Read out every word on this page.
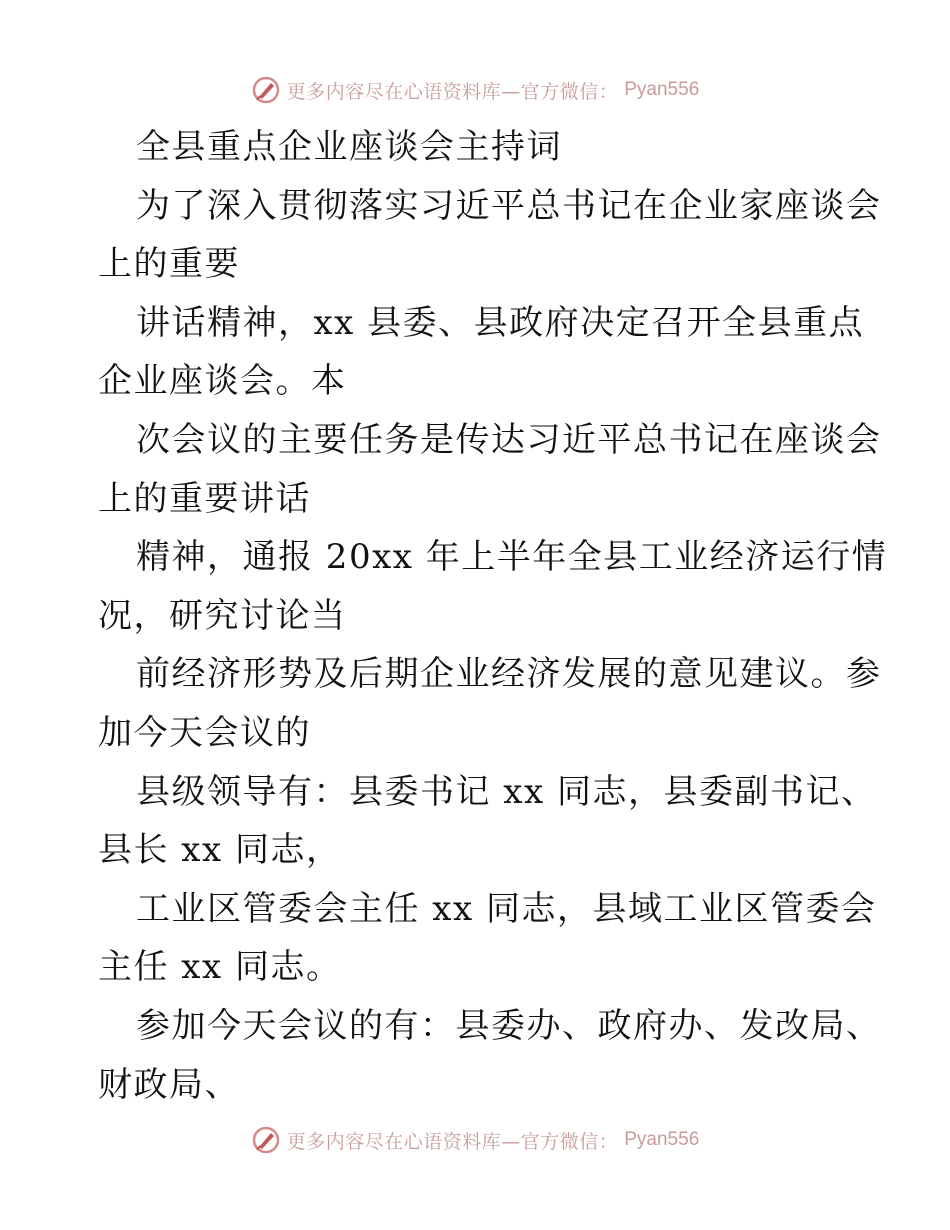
更多内容尽在心语资料库—官方微信： Pyan556
全县重点企业座谈会主持词
为了深入贯彻落实习近平总书记在企业家座谈会
上的重要
讲话精神，xx 县委、县政府决定召开全县重点
企业座谈会。本
次会议的主要任务是传达习近平总书记在座谈会
上的重要讲话
精神，通报 20xx 年上半年全县工业经济运行情
况，研究讨论当
前经济形势及后期企业经济发展的意见建议。参
加今天会议的
县级领导有：县委书记 xx 同志，县委副书记、
县长 xx 同志，
工业区管委会主任 xx 同志，县域工业区管委会
主任 xx 同志。
参加今天会议的有：县委办、政府办、发改局、
财政局、
更多内容尽在心语资料库—官方微信： Pyan556
